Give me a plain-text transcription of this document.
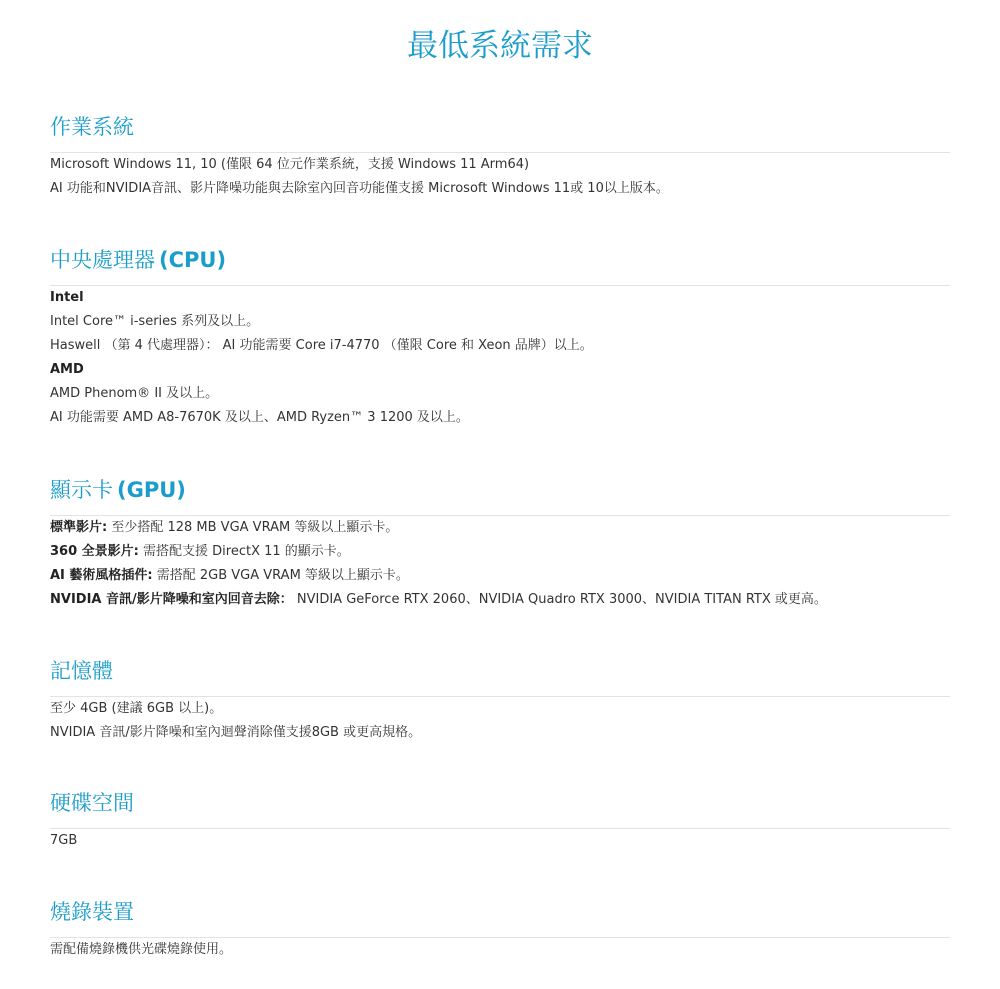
最低系統需求
作業系統
Microsoft Windows 11, 10 (僅限 64 位元作業系統，支援 Windows 11 Arm64)
AI 功能和NVIDIA音訊、影片降噪功能與去除室內回音功能僅支援 Microsoft Windows 11或 10以上版本。
中央處理器 (CPU)
Intel
Intel Core™ i-series 系列及以上。
Haswell （第 4 代處理器）： AI 功能需要 Core i7-4770 （僅限 Core 和 Xeon 品牌）以上。
AMD
AMD Phenom® II 及以上。
AI 功能需要 AMD A8-7670K 及以上、AMD Ryzen™ 3 1200 及以上。
顯示卡 (GPU)
標準影片: 至少搭配 128 MB VGA VRAM 等級以上顯示卡。
360 全景影片: 需搭配支援 DirectX 11 的顯示卡。
AI 藝術風格插件: 需搭配 2GB VGA VRAM 等級以上顯示卡。
NVIDIA 音訊/影片降噪和室內回音去除： NVIDIA GeForce RTX 2060、NVIDIA Quadro RTX 3000、NVIDIA TITAN RTX 或更高。
記憶體
至少 4GB (建議 6GB 以上)。
NVIDIA 音訊/影片降噪和室內迴聲消除僅支援8GB 或更高規格。
硬碟空間
7GB
燒錄裝置
需配備燒錄機供光碟燒錄使用。
